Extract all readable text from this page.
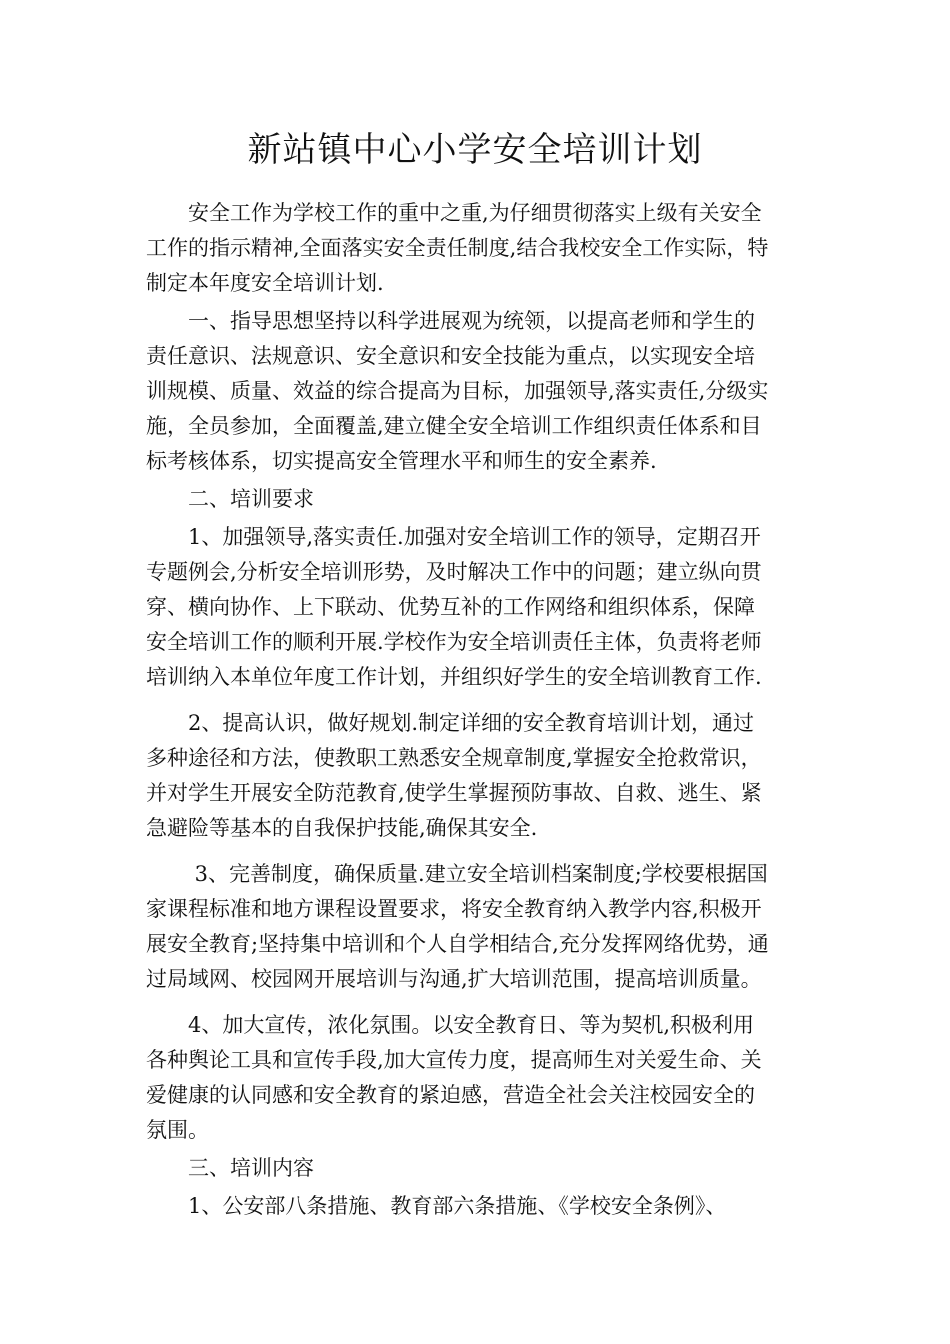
新站镇中心小学安全培训计划

　　安全工作为学校工作的重中之重,为仔细贯彻落实上级有关安全
工作的指示精神,全面落实安全责任制度,结合我校安全工作实际，特
制定本年度安全培训计划.

　　一、指导思想坚持以科学进展观为统领，以提高老师和学生的
责任意识、法规意识、安全意识和安全技能为重点，以实现安全培
训规模、质量、效益的综合提高为目标，加强领导,落实责任,分级实
施，全员参加，全面覆盖,建立健全安全培训工作组织责任体系和目
标考核体系，切实提高安全管理水平和师生的安全素养.

　　二、培训要求

　　1、加强领导,落实责任.加强对安全培训工作的领导，定期召开
专题例会,分析安全培训形势，及时解决工作中的问题；建立纵向贯
穿、横向协作、上下联动、优势互补的工作网络和组织体系，保障
安全培训工作的顺利开展.学校作为安全培训责任主体，负责将老师
培训纳入本单位年度工作计划，并组织好学生的安全培训教育工作.

　　2、提高认识，做好规划.制定详细的安全教育培训计划，通过
多种途径和方法，使教职工熟悉安全规章制度,掌握安全抢救常识，
并对学生开展安全防范教育,使学生掌握预防事故、自救、逃生、紧
急避险等基本的自我保护技能,确保其安全.

　　 3、完善制度，确保质量.建立安全培训档案制度;学校要根据国
家课程标准和地方课程设置要求，将安全教育纳入教学内容,积极开
展安全教育;坚持集中培训和个人自学相结合,充分发挥网络优势，通
过局域网、校园网开展培训与沟通,扩大培训范围，提高培训质量。

　　4、加大宣传，浓化氛围。以安全教育日、等为契机,积极利用
各种舆论工具和宣传手段,加大宣传力度，提高师生对关爱生命、关
爱健康的认同感和安全教育的紧迫感，营造全社会关注校园安全的
氛围。

　　三、培训内容

　　1、公安部八条措施、教育部六条措施、《学校安全条例》、
